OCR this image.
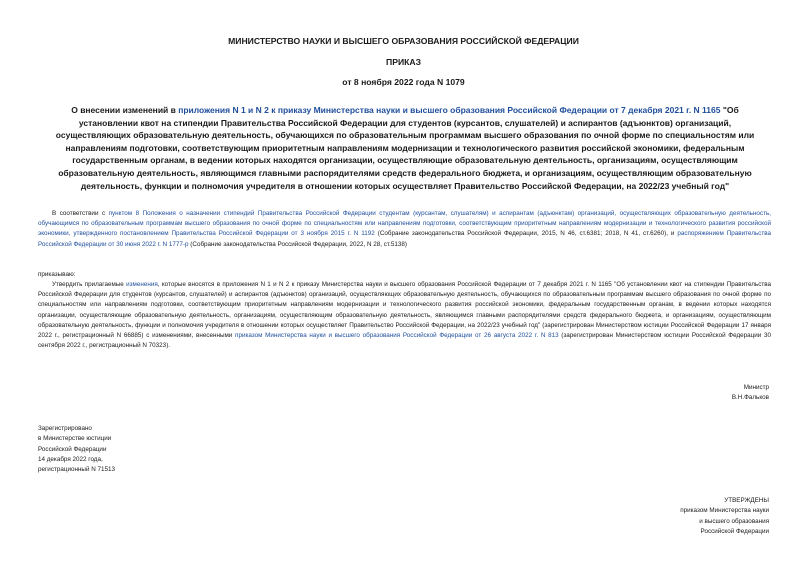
МИНИСТЕРСТВО НАУКИ И ВЫСШЕГО ОБРАЗОВАНИЯ РОССИЙСКОЙ ФЕДЕРАЦИИ
ПРИКАЗ
от 8 ноября 2022 года N 1079
О внесении изменений в приложения N 1 и N 2 к приказу Министерства науки и высшего образования Российской Федерации от 7 декабря 2021 г. N 1165 "Об установлении квот на стипендии Правительства Российской Федерации для студентов (курсантов, слушателей) и аспирантов (адъюнктов) организаций, осуществляющих образовательную деятельность, обучающихся по образовательным программам высшего образования по очной форме по специальностям или направлениям подготовки, соответствующим приоритетным направлениям модернизации и технологического развития российской экономики, федеральным государственным органам, в ведении которых находятся организации, осуществляющие образовательную деятельность, организациям, осуществляющим образовательную деятельность, являющимся главными распорядителями средств федерального бюджета, и организациям, осуществляющим образовательную деятельность, функции и полномочия учредителя в отношении которых осуществляет Правительство Российской Федерации, на 2022/23 учебный год"
В соответствии с пунктом 8 Положения о назначении стипендий Правительства Российской Федерации студентам (курсантам, слушателям) и аспирантам (адъюнктам) организаций, осуществляющих образовательную деятельность, обучающимся по образовательным программам высшего образования по очной форме по специальностям или направлениям подготовки, соответствующим приоритетным направлениям модернизации и технологического развития российской экономики, утвержденного постановлением Правительства Российской Федерации от 3 ноября 2015 г. N 1192 (Собрание законодательства Российской Федерации, 2015, N 46, ст.6381; 2018, N 41, ст.6260), и распоряжением Правительства Российской Федерации от 30 июня 2022 г. N 1777-р (Собрание законодательства Российской Федерации, 2022, N 28, ст.5138)
приказываю:
Утвердить прилагаемые изменения, которые вносятся в приложения N 1 и N 2 к приказу Министерства науки и высшего образования Российской Федерации от 7 декабря 2021 г. N 1165 "Об установлении квот на стипендии Правительства Российской Федерации для студентов (курсантов, слушателей) и аспирантов (адъюнктов) организаций, осуществляющих образовательную деятельность, обучающихся по образовательным программам высшего образования по очной форме по специальностям или направлениям подготовки, соответствующим приоритетным направлениям модернизации и технологического развития российской экономики, федеральным государственным органам, в ведении которых находятся организации, осуществляющие образовательную деятельность, организациям, осуществляющим образовательную деятельность, являющимся главными распорядителями средств федерального бюджета, и организациям, осуществляющим образовательную деятельность, функции и полномочия учредителя в отношении которых осуществляет Правительство Российской Федерации, на 2022/23 учебный год" (зарегистрирован Министерством юстиции Российской Федерации 17 января 2022 г., регистрационный N 66885) с изменениями, внесенными приказом Министерства науки и высшего образования Российской Федерации от 26 августа 2022 г. N 813 (зарегистрирован Министерством юстиции Российской Федерации 30 сентября 2022 г., регистрационный N 70323).
Министр
В.Н.Фальков
Зарегистрировано
в Министерстве юстиции
Российской Федерации
14 декабря 2022 года,
регистрационный N 71513
УТВЕРЖДЕНЫ
приказом Министерства науки
и высшего образования
Российской Федерации
